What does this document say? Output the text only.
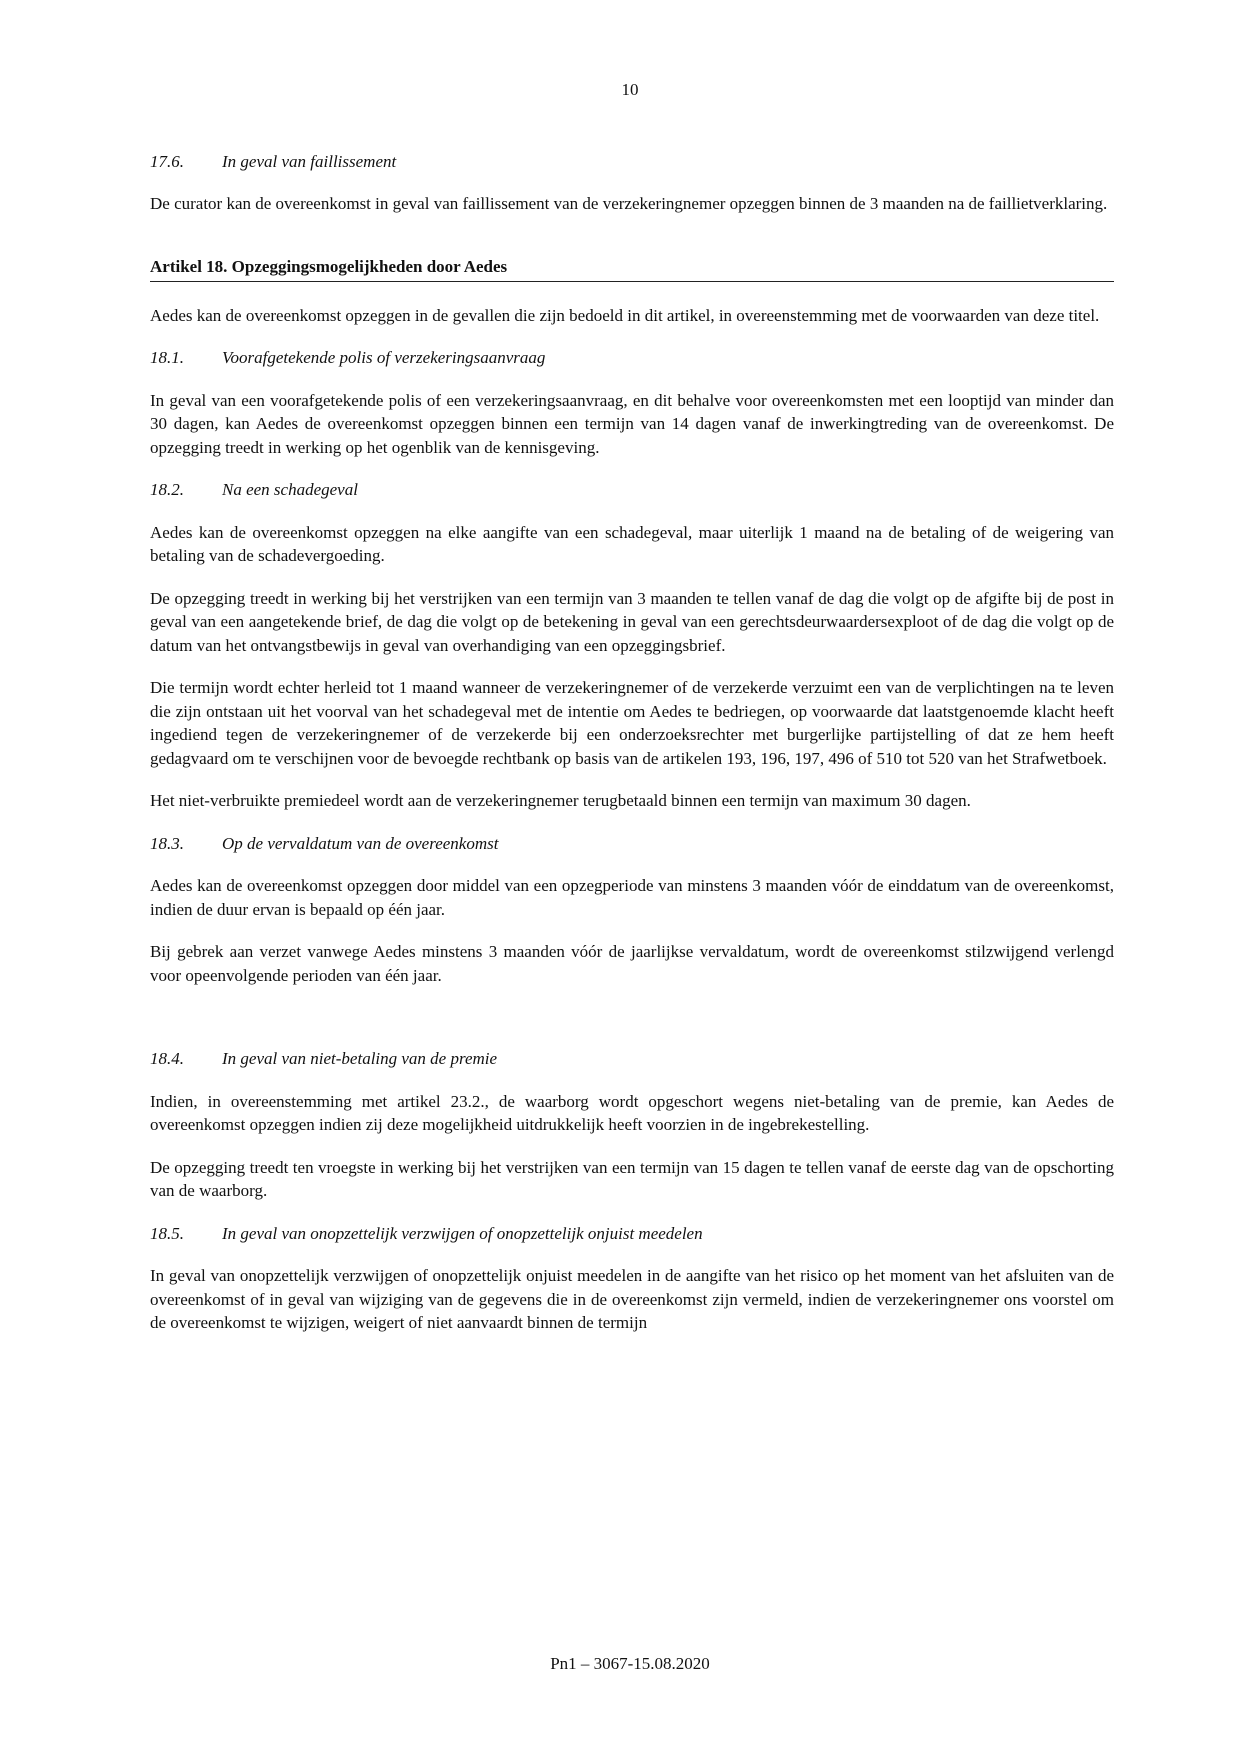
10
17.6. In geval van faillissement

De curator kan de overeenkomst in geval van faillissement van de verzekeringnemer opzeggen binnen de 3 maanden na de faillietverklaring.

Artikel 18. Opzeggingsmogelijkheden door Aedes

Aedes kan de overeenkomst opzeggen in de gevallen die zijn bedoeld in dit artikel, in overeenstemming met de voorwaarden van deze titel.

18.1. Voorafgetekende polis of verzekeringsaanvraag

In geval van een voorafgetekende polis of een verzekeringsaanvraag, en dit behalve voor overeenkomsten met een looptijd van minder dan 30 dagen, kan Aedes de overeenkomst opzeggen binnen een termijn van 14 dagen vanaf de inwerkingtreding van de overeenkomst. De opzegging treedt in werking op het ogenblik van de kennisgeving.

18.2. Na een schadegeval

Aedes kan de overeenkomst opzeggen na elke aangifte van een schadegeval, maar uiterlijk 1 maand na de betaling of de weigering van betaling van de schadevergoeding.

De opzegging treedt in werking bij het verstrijken van een termijn van 3 maanden te tellen vanaf de dag die volgt op de afgifte bij de post in geval van een aangetekende brief, de dag die volgt op de betekening in geval van een gerechtsdeurwaardersexploot of de dag die volgt op de datum van het ontvangstbewijs in geval van overhandiging van een opzeggingsbrief.

Die termijn wordt echter herleid tot 1 maand wanneer de verzekeringnemer of de verzekerde verzuimt een van de verplichtingen na te leven die zijn ontstaan uit het voorval van het schadegeval met de intentie om Aedes te bedriegen, op voorwaarde dat laatstgenoemde klacht heeft ingediend tegen de verzekeringnemer of de verzekerde bij een onderzoeksrechter met burgerlijke partijstelling of dat ze hem heeft gedagvaard om te verschijnen voor de bevoegde rechtbank op basis van de artikelen 193, 196, 197, 496 of 510 tot 520 van het Strafwetboek.

Het niet-verbruikte premiedeel wordt aan de verzekeringnemer terugbetaald binnen een termijn van maximum 30 dagen.

18.3. Op de vervaldatum van de overeenkomst

Aedes kan de overeenkomst opzeggen door middel van een opzegperiode van minstens 3 maanden vóór de einddatum van de overeenkomst, indien de duur ervan is bepaald op één jaar.

Bij gebrek aan verzet vanwege Aedes minstens 3 maanden vóór de jaarlijkse vervaldatum, wordt de overeenkomst stilzwijgend verlengd voor opeenvolgende perioden van één jaar.

18.4. In geval van niet-betaling van de premie

Indien, in overeenstemming met artikel 23.2., de waarborg wordt opgeschort wegens niet-betaling van de premie, kan Aedes de overeenkomst opzeggen indien zij deze mogelijkheid uitdrukkelijk heeft voorzien in de ingebrekestelling.

De opzegging treedt ten vroegste in werking bij het verstrijken van een termijn van 15 dagen te tellen vanaf de eerste dag van de opschorting van de waarborg.

18.5. In geval van onopzettelijk verzwijgen of onopzettelijk onjuist meedelen

In geval van onopzettelijk verzwijgen of onopzettelijk onjuist meedelen in de aangifte van het risico op het moment van het afsluiten van de overeenkomst of in geval van wijziging van de gegevens die in de overeenkomst zijn vermeld, indien de verzekeringnemer ons voorstel om de overeenkomst te wijzigen, weigert of niet aanvaardt binnen de termijn

Pn1 – 3067-15.08.2020
